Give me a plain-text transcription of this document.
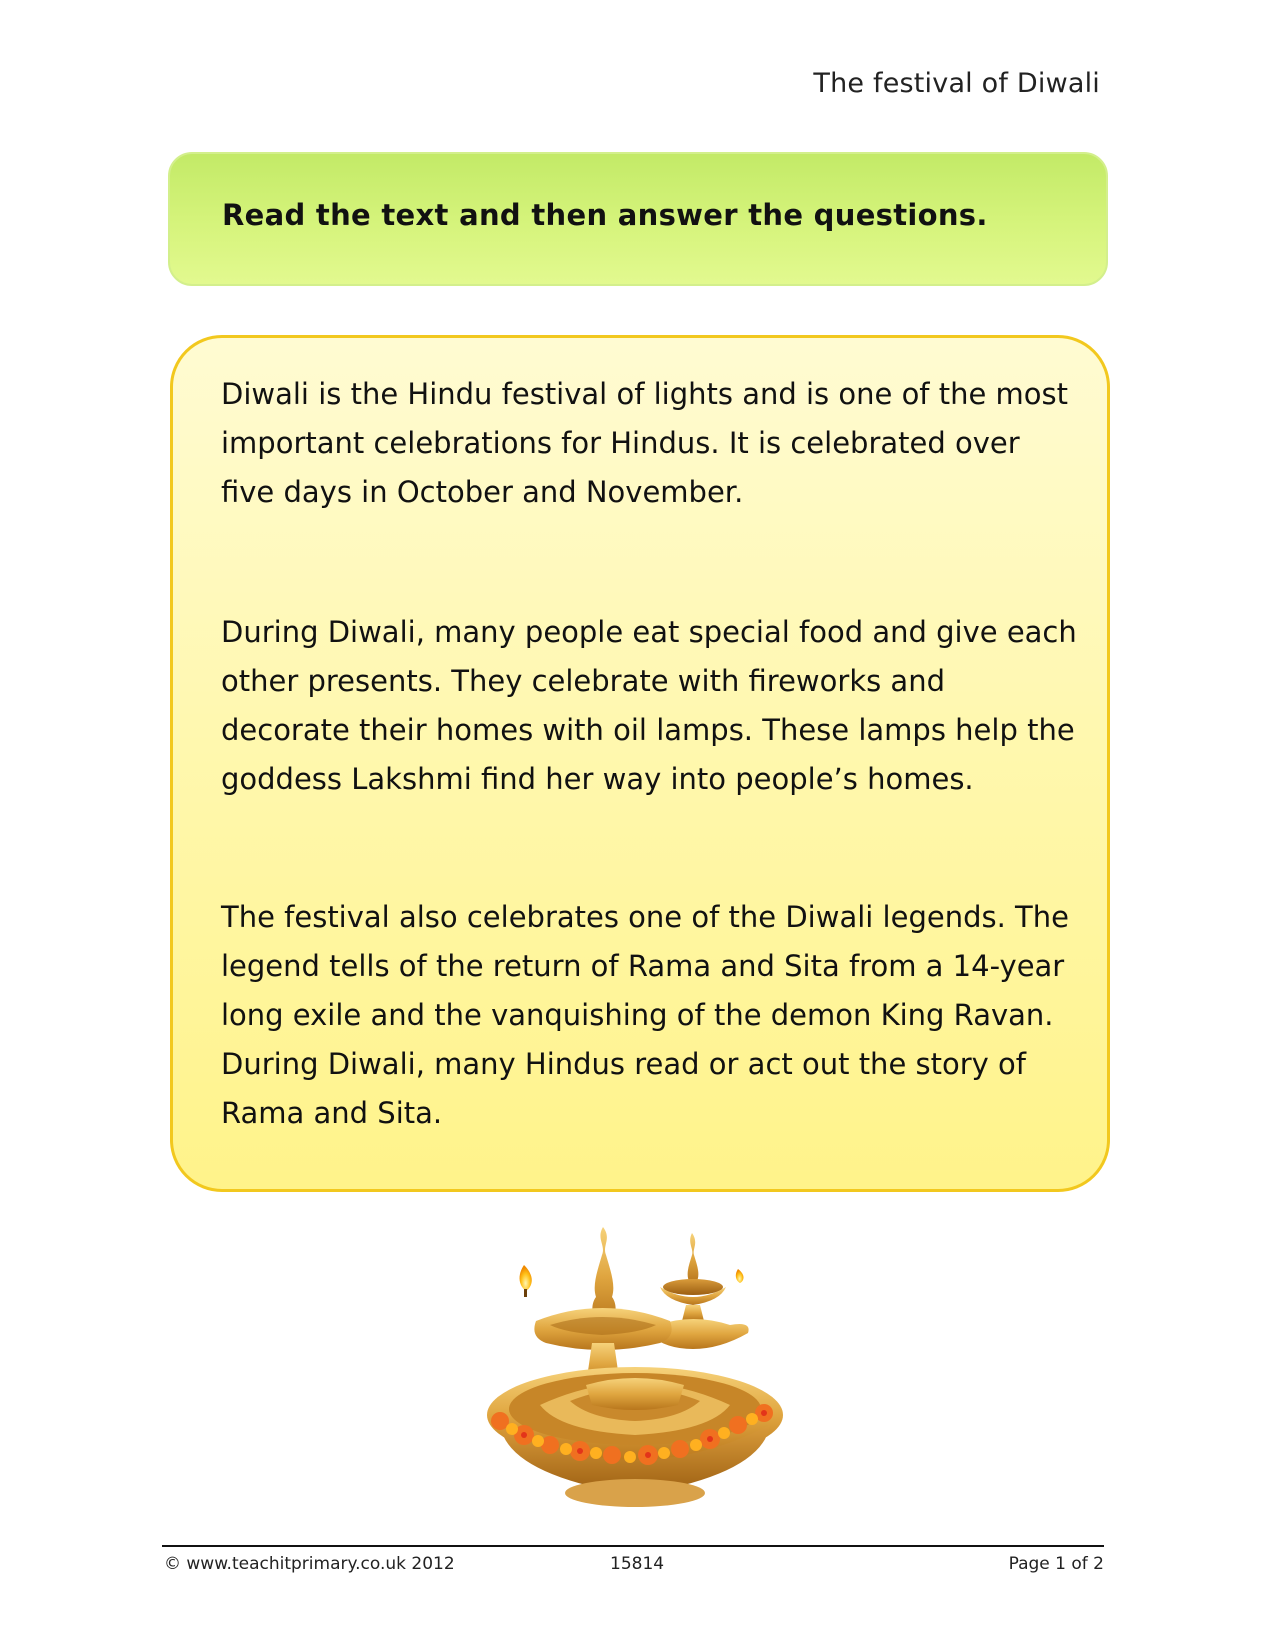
The festival of Diwali
Read the text and then answer the questions.

Diwali is the Hindu festival of lights and is one of the most important celebrations for Hindus. It is celebrated over five days in October and November.

During Diwali, many people eat special food and give each other presents. They celebrate with fireworks and decorate their homes with oil lamps. These lamps help the goddess Lakshmi find her way into people’s homes.

The festival also celebrates one of the Diwali legends. The legend tells of the return of Rama and Sita from a 14-year long exile and the vanquishing of the demon King Ravan. During Diwali, many Hindus read or act out the story of Rama and Sita.

© www.teachitprimary.co.uk 2012	15814	Page 1 of 2
